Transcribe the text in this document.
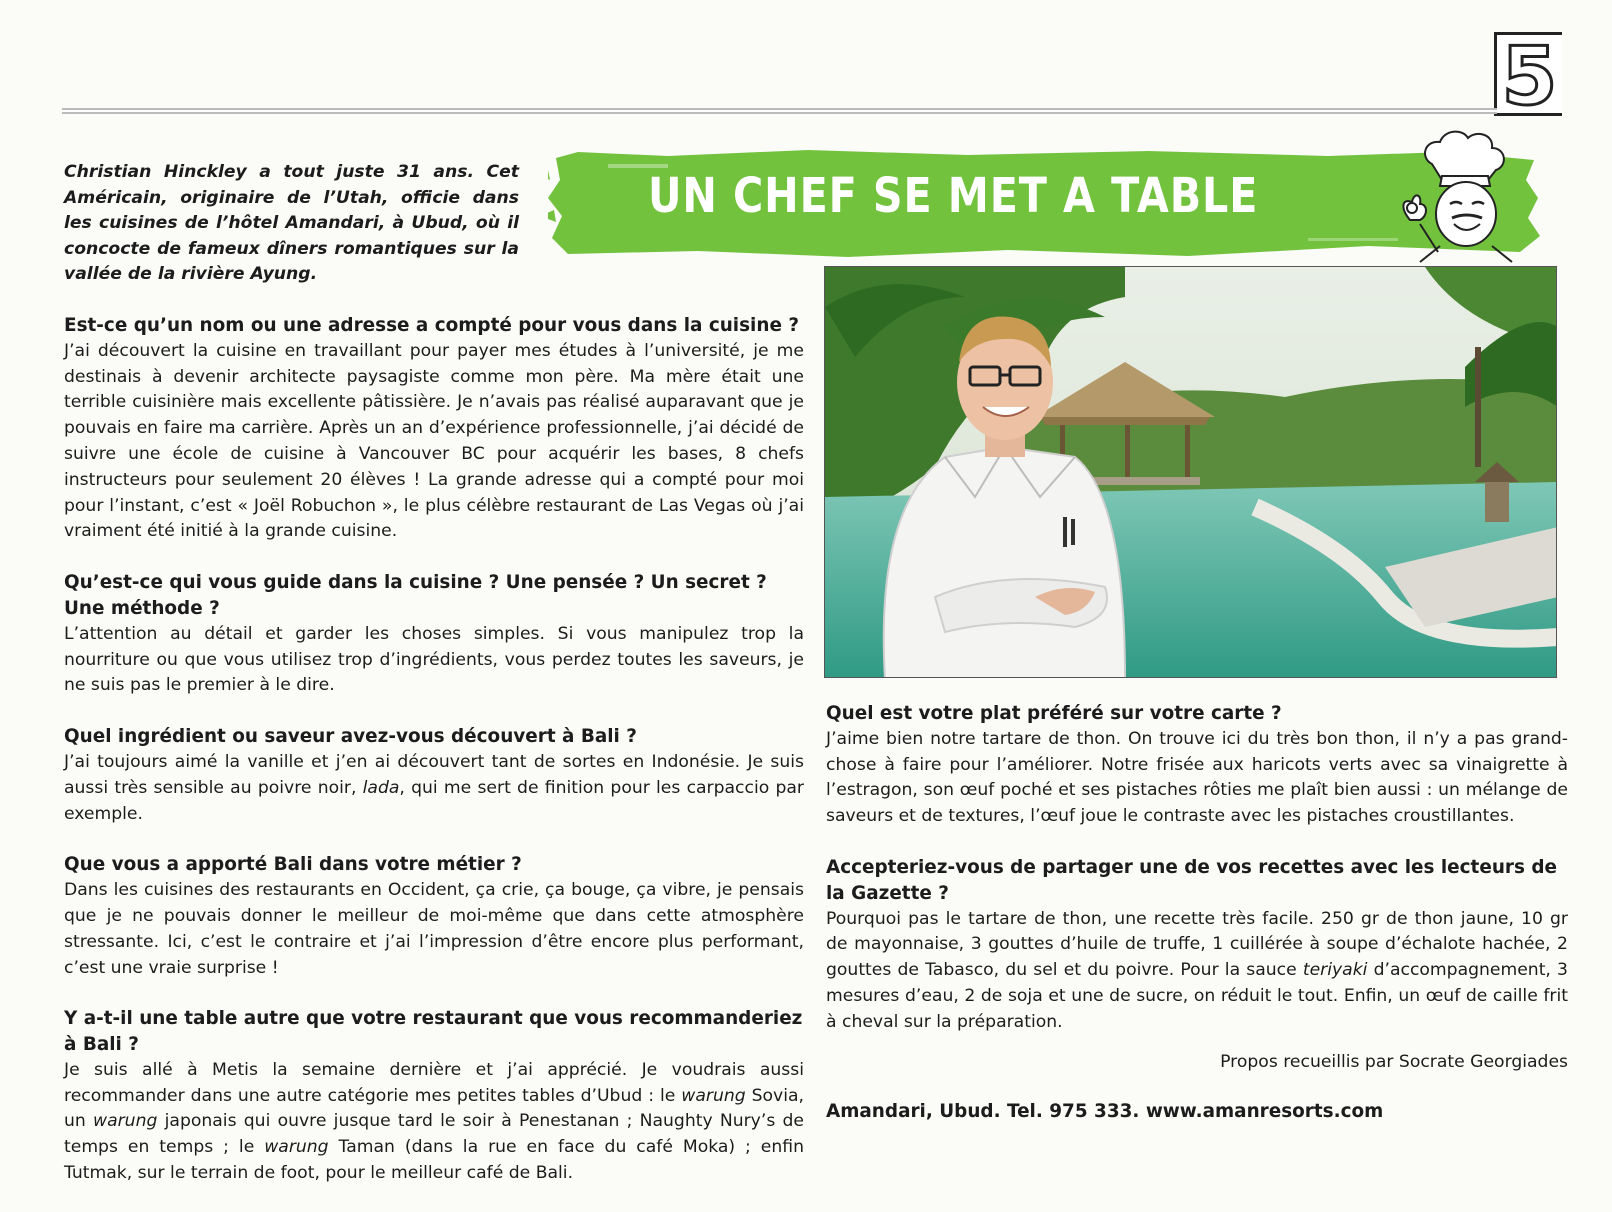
5
UN CHEF SE MET A TABLE

Christian Hinckley a tout juste 31 ans. Cet Américain, originaire de l’Utah, officie dans les cuisines de l’hôtel Amandari, à Ubud, où il concocte de fameux dîners romantiques sur la vallée de la rivière Ayung.

Est-ce qu’un nom ou une adresse a compté pour vous dans la cuisine ?

J’ai découvert la cuisine en travaillant pour payer mes études à l’université, je me destinais à devenir architecte paysagiste comme mon père. Ma mère était une terrible cuisinière mais excellente pâtissière. Je n’avais pas réalisé auparavant que je pouvais en faire ma carrière. Après un an d’expérience professionnelle, j’ai décidé de suivre une école de cuisine à Vancouver BC pour acquérir les bases, 8 chefs instructeurs pour seulement 20 élèves ! La grande adresse qui a compté pour moi pour l’instant, c’est « Joël Robuchon », le plus célèbre restaurant de Las Vegas où j’ai vraiment été initié à la grande cuisine.

Qu’est-ce qui vous guide dans la cuisine ? Une pensée ? Un secret ? Une méthode ?

L’attention au détail et garder les choses simples. Si vous manipulez trop la nourriture ou que vous utilisez trop d’ingrédients, vous perdez toutes les saveurs, je ne suis pas le premier à le dire.

Quel ingrédient ou saveur avez-vous découvert à Bali ?

J’ai toujours aimé la vanille et j’en ai découvert tant de sortes en Indonésie. Je suis aussi très sensible au poivre noir, lada, qui me sert de finition pour les carpaccio par exemple.

Que vous a apporté Bali dans votre métier ?

Dans les cuisines des restaurants en Occident, ça crie, ça bouge, ça vibre, je pensais que je ne pouvais donner le meilleur de moi-même que dans cette atmosphère stressante. Ici, c’est le contraire et j’ai l’impression d’être encore plus performant, c’est une vraie surprise !

Y a-t-il une table autre que votre restaurant que vous recommanderiez à Bali ?

Je suis allé à Metis la semaine dernière et j’ai apprécié. Je voudrais aussi recommander dans une autre catégorie mes petites tables d’Ubud : le warung Sovia, un warung japonais qui ouvre jusque tard le soir à Penestanan ; Naughty Nury’s de temps en temps ; le warung Taman (dans la rue en face du café Moka) ; enfin Tutmak, sur le terrain de foot, pour le meilleur café de Bali.

Quel est votre plat préféré sur votre carte ?

J’aime bien notre tartare de thon. On trouve ici du très bon thon, il n’y a pas grand-chose à faire pour l’améliorer. Notre frisée aux haricots verts avec sa vinaigrette à l’estragon, son œuf poché et ses pistaches rôties me plaît bien aussi : un mélange de saveurs et de textures, l’œuf joue le contraste avec les pistaches croustillantes.

Accepteriez-vous de partager une de vos recettes avec les lecteurs de la Gazette ?

Pourquoi pas le tartare de thon, une recette très facile. 250 gr de thon jaune, 10 gr de mayonnaise, 3 gouttes d’huile de truffe, 1 cuillérée à soupe d’échalote hachée, 2 gouttes de Tabasco, du sel et du poivre. Pour la sauce teriyaki d’accompagnement, 3 mesures d’eau, 2 de soja et une de sucre, on réduit le tout. Enfin, un œuf de caille frit à cheval sur la préparation.

Propos recueillis par Socrate Georgiades

Amandari, Ubud. Tel. 975 333. www.amanresorts.com
